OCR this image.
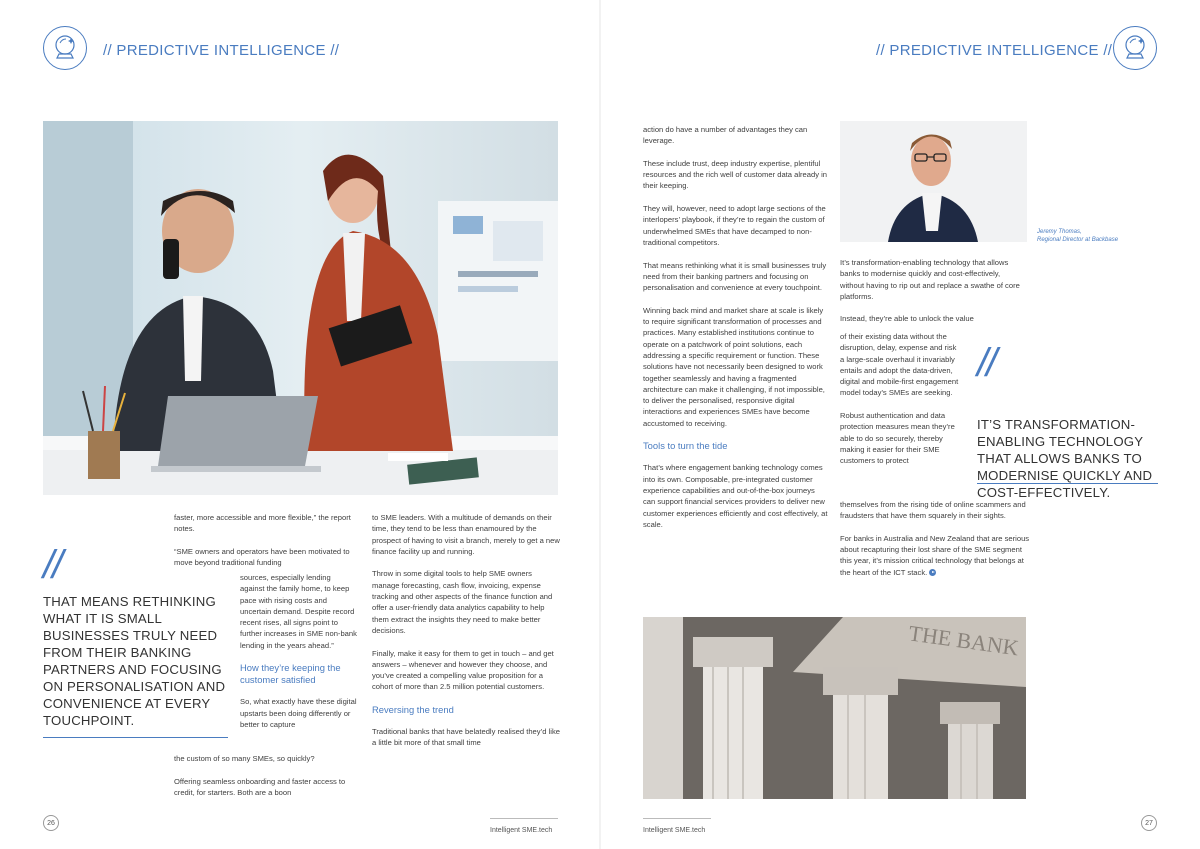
// PREDICTIVE INTELLIGENCE //	// PREDICTIVE INTELLIGENCE //
//
THAT MEANS RETHINKING WHAT IT IS SMALL BUSINESSES TRULY NEED FROM THEIR BANKING PARTNERS AND FOCUSING ON PERSONALISATION AND CONVENIENCE AT EVERY TOUCHPOINT.

faster, more accessible and more flexible,” the report notes.

“SME owners and operators have been motivated to move beyond traditional funding

sources, especially lending against the family home, to keep pace with rising costs and uncertain demand. Despite record recent rises, all signs point to further increases in SME non-bank lending in the years ahead.”

How they’re keeping the customer satisfied

So, what exactly have these digital upstarts been doing differently or better to capture

the custom of so many SMEs, so quickly?

Offering seamless onboarding and faster access to credit, for starters. Both are a boon

to SME leaders. With a multitude of demands on their time, they tend to be less than enamoured by the prospect of having to visit a branch, merely to get a new finance facility up and running.

Throw in some digital tools to help SME owners manage forecasting, cash flow, invoicing, expense tracking and other aspects of the finance function and offer a user-friendly data analytics capability to help them extract the insights they need to make better decisions.

Finally, make it easy for them to get in touch – and get answers – whenever and however they choose, and you’ve created a compelling value proposition for a cohort of more than 2.5 million potential customers.

Reversing the trend

Traditional banks that have belatedly realised they’d like a little bit more of that small time

26
Intelligent SME.tech

action do have a number of advantages they can leverage.

These include trust, deep industry expertise, plentiful resources and the rich well of customer data already in their keeping.

They will, however, need to adopt large sections of the interlopers’ playbook, if they’re to regain the custom of underwhelmed SMEs that have decamped to non-traditional competitors.

That means rethinking what it is small businesses truly need from their banking partners and focusing on personalisation and convenience at every touchpoint.

Winning back mind and market share at scale is likely to require significant transformation of processes and practices. Many established institutions continue to operate on a patchwork of point solutions, each addressing a specific requirement or function. These solutions have not necessarily been designed to work together seamlessly and having a fragmented architecture can make it challenging, if not impossible, to deliver the personalised, responsive digital interactions and experiences SMEs have become accustomed to receiving.

Tools to turn the tide

That’s where engagement banking technology comes into its own. Composable, pre-integrated customer experience capabilities and out-of-the-box journeys can support financial services providers to deliver new customer experiences efficiently and cost effectively, at scale.

Jeremy Thomas,
Regional Director at Backbase

It’s transformation-enabling technology that allows banks to modernise quickly and cost-effectively, without having to rip out and replace a swathe of core platforms.

Instead, they’re able to unlock the value

of their existing data without the disruption, delay, expense and risk a large-scale overhaul it invariably entails and adopt the data-driven, digital and mobile-first engagement model today’s SMEs are seeking.

Robust authentication and data protection measures mean they’re able to do so securely, thereby making it easier for their SME customers to protect

themselves from the rising tide of online scammers and fraudsters that have them squarely in their sights.

For banks in Australia and New Zealand that are serious about recapturing their lost share of the SME segment this year, it’s mission critical technology that belongs at the heart of the ICT stack.

//
IT’S TRANSFORMATION-ENABLING TECHNOLOGY THAT ALLOWS BANKS TO MODERNISE QUICKLY AND COST-EFFECTIVELY.
THE BANK
Intelligent SME.tech
27
